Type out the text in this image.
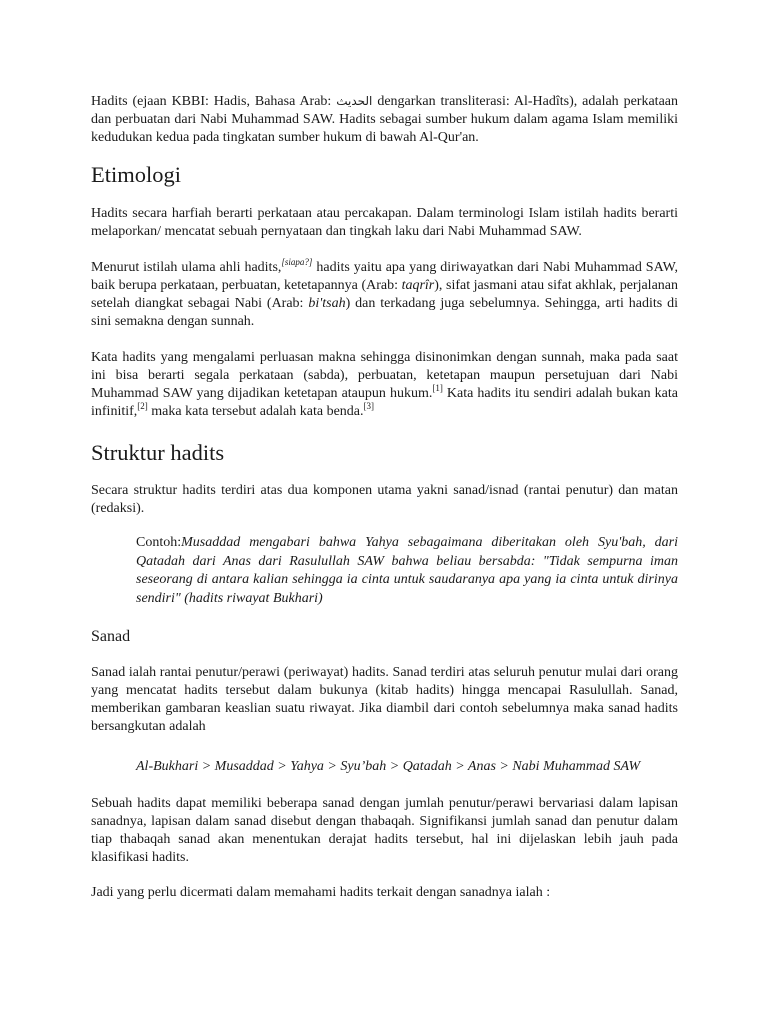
Hadits (ejaan KBBI: Hadis, Bahasa Arab: الحديث dengarkan transliterasi: Al-Hadîts), adalah perkataan dan perbuatan dari Nabi Muhammad SAW. Hadits sebagai sumber hukum dalam agama Islam memiliki kedudukan kedua pada tingkatan sumber hukum di bawah Al-Qur'an.

Etimologi

Hadits secara harfiah berarti perkataan atau percakapan. Dalam terminologi Islam istilah hadits berarti melaporkan/ mencatat sebuah pernyataan dan tingkah laku dari Nabi Muhammad SAW.

Menurut istilah ulama ahli hadits,[siapa?] hadits yaitu apa yang diriwayatkan dari Nabi Muhammad SAW, baik berupa perkataan, perbuatan, ketetapannya (Arab: taqrîr), sifat jasmani atau sifat akhlak, perjalanan setelah diangkat sebagai Nabi (Arab: bi'tsah) dan terkadang juga sebelumnya. Sehingga, arti hadits di sini semakna dengan sunnah.

Kata hadits yang mengalami perluasan makna sehingga disinonimkan dengan sunnah, maka pada saat ini bisa berarti segala perkataan (sabda), perbuatan, ketetapan maupun persetujuan dari Nabi Muhammad SAW yang dijadikan ketetapan ataupun hukum.[1] Kata hadits itu sendiri adalah bukan kata infinitif,[2] maka kata tersebut adalah kata benda.[3]

Struktur hadits

Secara struktur hadits terdiri atas dua komponen utama yakni sanad/isnad (rantai penutur) dan matan (redaksi).

Contoh:Musaddad mengabari bahwa Yahya sebagaimana diberitakan oleh Syu'bah, dari Qatadah dari Anas dari Rasulullah SAW bahwa beliau bersabda: "Tidak sempurna iman seseorang di antara kalian sehingga ia cinta untuk saudaranya apa yang ia cinta untuk dirinya sendiri" (hadits riwayat Bukhari)

Sanad

Sanad ialah rantai penutur/perawi (periwayat) hadits. Sanad terdiri atas seluruh penutur mulai dari orang yang mencatat hadits tersebut dalam bukunya (kitab hadits) hingga mencapai Rasulullah. Sanad, memberikan gambaran keaslian suatu riwayat. Jika diambil dari contoh sebelumnya maka sanad hadits bersangkutan adalah

Al-Bukhari > Musaddad > Yahya > Syu’bah > Qatadah > Anas > Nabi Muhammad SAW

Sebuah hadits dapat memiliki beberapa sanad dengan jumlah penutur/perawi bervariasi dalam lapisan sanadnya, lapisan dalam sanad disebut dengan thabaqah. Signifikansi jumlah sanad dan penutur dalam tiap thabaqah sanad akan menentukan derajat hadits tersebut, hal ini dijelaskan lebih jauh pada klasifikasi hadits.

Jadi yang perlu dicermati dalam memahami hadits terkait dengan sanadnya ialah :
